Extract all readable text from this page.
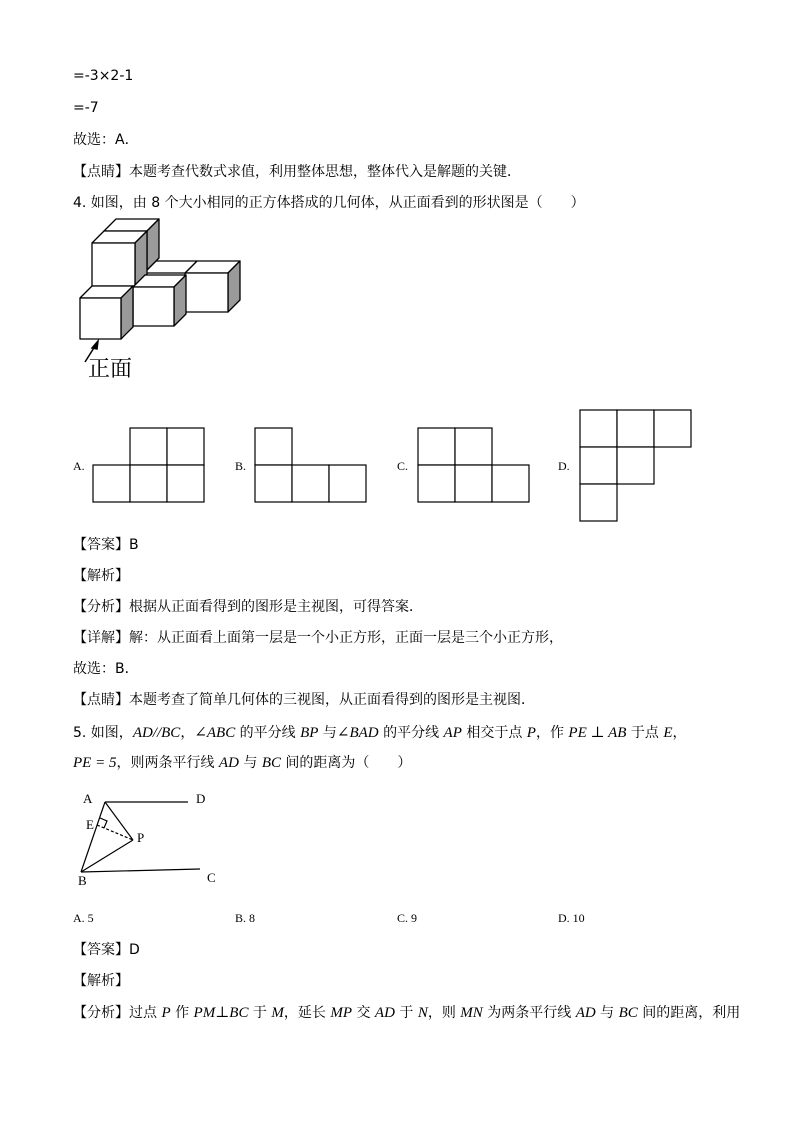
=-3×2-1
=-7
故选：A．
【点睛】本题考查代数式求值，利用整体思想，整体代入是解题的关键．
4. 如图，由 8 个大小相同的正方体搭成的几何体，从正面看到的形状图是（　　）
正面
A.	B.	C.	D.
【答案】B
【解析】
【分析】根据从正面看得到的图形是主视图，可得答案．
【详解】解：从正面看上面第一层是一个小正方形，正面一层是三个小正方形，
故选：B．
【点睛】本题考查了简单几何体的三视图，从正面看得到的图形是主视图．
5. 如图，AD//BC，∠ABC 的平分线 BP 与∠BAD 的平分线 AP 相交于点 P，作 PE ⊥ AB 于点 E，
PE = 5，则两条平行线 AD 与 BC 间的距离为（　　）
A	D
E
P
B	C
A. 5	B. 8	C. 9	D. 10
【答案】D
【解析】
【分析】过点 P 作 PM⊥BC 于 M，延长 MP 交 AD 于 N，则 MN 为两条平行线 AD 与 BC 间的距离，利用
